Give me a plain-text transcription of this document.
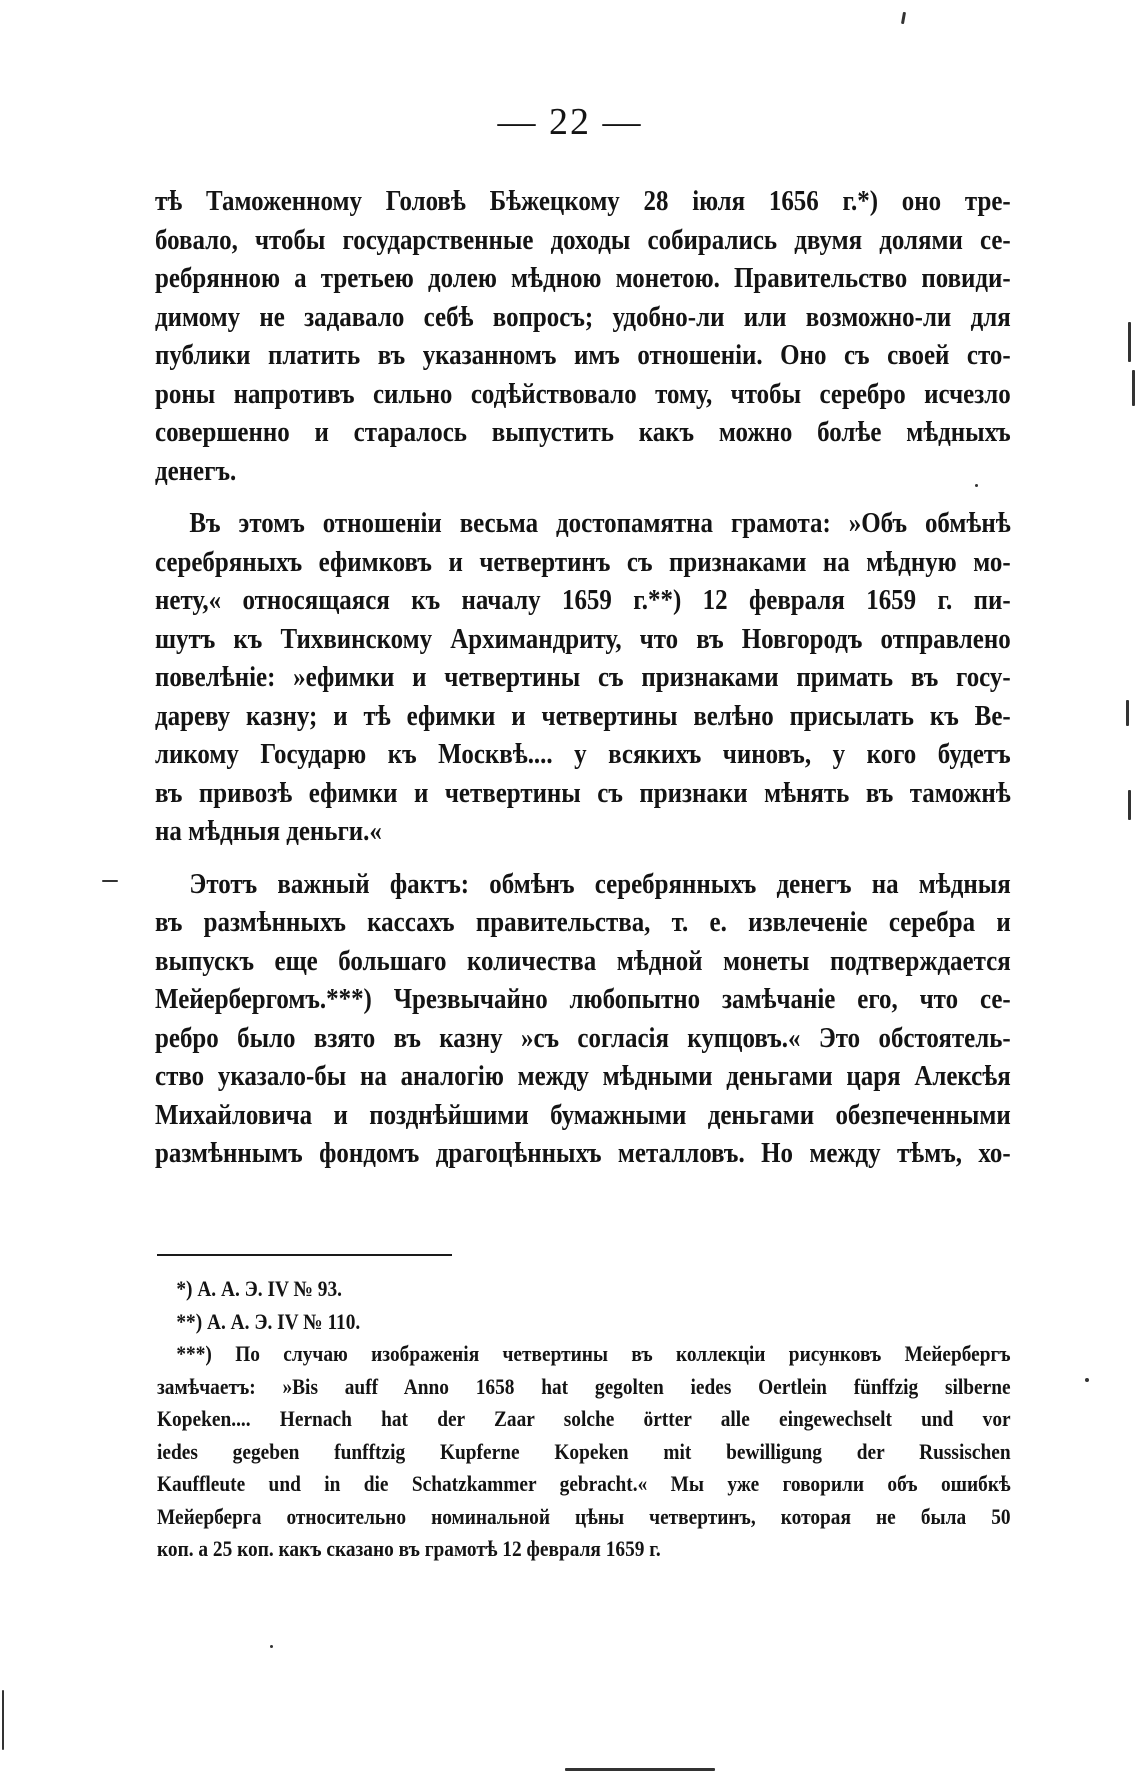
— 22 —
тѣ Таможенному Головѣ Бѣжецкому 28 іюля 1656 г.*) оно тре-
бовало, чтобы государственные доходы собирались двумя долями се-
ребрянною а третьею долею мѣдною монетою. Правительство повиди-
димому не задавало себѣ вопросъ; удобно-ли или возможно-ли для
публики платить въ указанномъ имъ отношеніи. Оно съ своей сто-
роны напротивъ сильно содѣйствовало тому, чтобы серебро исчезло
совершенно и старалось выпустить какъ можно болѣе мѣдныхъ
денегъ.
Въ этомъ отношеніи весьма достопамятна грамота: »Объ обмѣнѣ
серебряныхъ ефимковъ и четвертинъ съ признаками на мѣдную мо-
нету,« относящаяся къ началу 1659 г.**) 12 февраля 1659 г. пи-
шутъ къ Тихвинскому Архимандриту, что въ Новгородъ отправлено
повелѣніе: »ефимки и четвертины съ признаками примать въ госу-
дареву казну; и тѣ ефимки и четвертины велѣно присылать къ Ве-
ликому Государю къ Москвѣ.... у всякихъ чиновъ, у кого будетъ
въ привозѣ ефимки и четвертины съ признаки мѣнять въ таможнѣ
на мѣдныя деньги.«
Этотъ важный фактъ: обмѣнъ серебрянныхъ денегъ на мѣдныя
въ размѣнныхъ кассахъ правительства, т. е. извлеченіе серебра и
выпускъ еще большаго количества мѣдной монеты подтверждается
Мейербергомъ.***) Чрезвычайно любопытно замѣчаніе его, что се-
ребро было взято въ казну »съ согласія купцовъ.« Это обстоятель-
ство указало-бы на аналогію между мѣдными деньгами царя Алексѣя
Михайловича и позднѣйшими бумажными деньгами обезпеченными
размѣннымъ фондомъ драгоцѣнныхъ металловъ. Но между тѣмъ, хо-
*) А. А. Э. IV № 93.
**) А. А. Э. IV № 110.
***) По случаю изображенія четвертины въ коллекціи рисунковъ Мейербергъ
замѣчаетъ: »Bis auff Anno 1658 hat gegolten iedes Oertlein fünffzig silberne
Kopeken.... Hernach hat der Zaar solche örtter alle eingewechselt und vor
iedes gegeben funfftzig Kupferne Kopeken mit bewilligung der Russischen
Kauffleute und in die Schatzkammer gebracht.« Мы уже говорили объ ошибкѣ
Мейерберга относительно номинальной цѣны четвертинъ, которая не была 50
коп. а 25 коп. какъ сказано въ грамотѣ 12 февраля 1659 г.
